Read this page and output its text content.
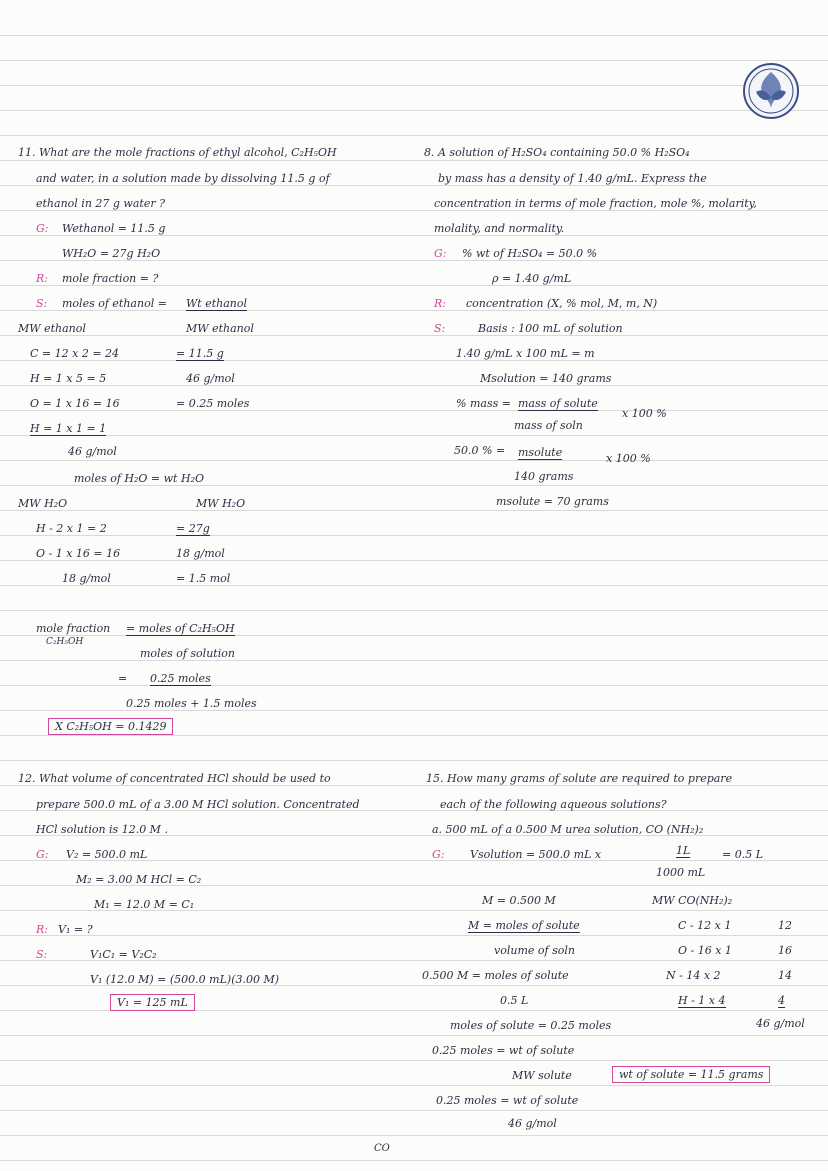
11. What are the mole fractions of ethyl alcohol, C₂H₅OH
and water, in a solution made by dissolving 11.5 g of
ethanol in 27 g water ?
G: Wethanol = 11.5 g
WH₂O = 27g H₂O
R: mole fraction = ?
S: moles of ethanol = Wt ethanol
MW ethanol
MW ethanol
C = 12 x 2 = 24
H = 1 x 5 = 5
O = 1 x 16 = 16
H = 1 x 1 = 1
46 g/mol
= 11.5 g
46 g/mol
= 0.25 moles
moles of H₂O = wt H₂O
MW H₂O
MW H₂O
H - 2 x 1 = 2
O - 1 x 16 = 16
18 g/mol
= 27g
18 g/mol
= 1.5 mol
mole fraction
C₂H₅OH
= moles of C₂H₅OH
moles of solution
= 0.25 moles
0.25 moles + 1.5 moles
X C₂H₅OH = 0.1429
8. A solution of H₂SO₄ containing 50.0 % H₂SO₄
by mass has a density of 1.40 g/mL. Express the
concentration in terms of mole fraction, mole %, molarity,
molality, and normality.
G: % wt of H₂SO₄ = 50.0 %
ρ = 1.40 g/mL
R: concentration (X, % mol, M, m, N)
S:	Basis : 100 mL of solution
1.40 g/mL x 100 mL = m
Msolution = 140 grams
% mass = mass of solute
mass of soln
x 100 %
50.0 % = msolute
140 grams
x 100 %
msolute = 70 grams
12. What volume of concentrated HCl should be used to
prepare 500.0 mL of a 3.00 M HCl solution. Concentrated
HCl solution is 12.0 M .
G: V₂ = 500.0 mL
M₂ = 3.00 M HCl = C₂
M₁ = 12.0 M = C₁
R: V₁ = ?
S:	V₁C₁ = V₂C₂
V₁ (12.0 M) = (500.0 mL)(3.00 M)
V₁ = 125 mL
15. How many grams of solute are required to prepare
each of the following aqueous solutions?
a. 500 mL of a 0.500 M urea solution, CO (NH₂)₂
G: Vsolution = 500.0 mL x	1L
1000 mL
= 0.5 L
M = 0.500 M
M = moles of solute
volume of soln
0.500 M = moles of solute
0.5 L
moles of solute = 0.25 moles
0.25 moles = wt of solute
MW solute
0.25 moles = wt of solute
46 g/mol
MW CO(NH₂)₂
C - 12 x 1	12
O - 16 x 1	16
N - 14 x 2	14
H - 1 x 4	4
46 g/mol
wt of solute = 11.5 grams
CO
